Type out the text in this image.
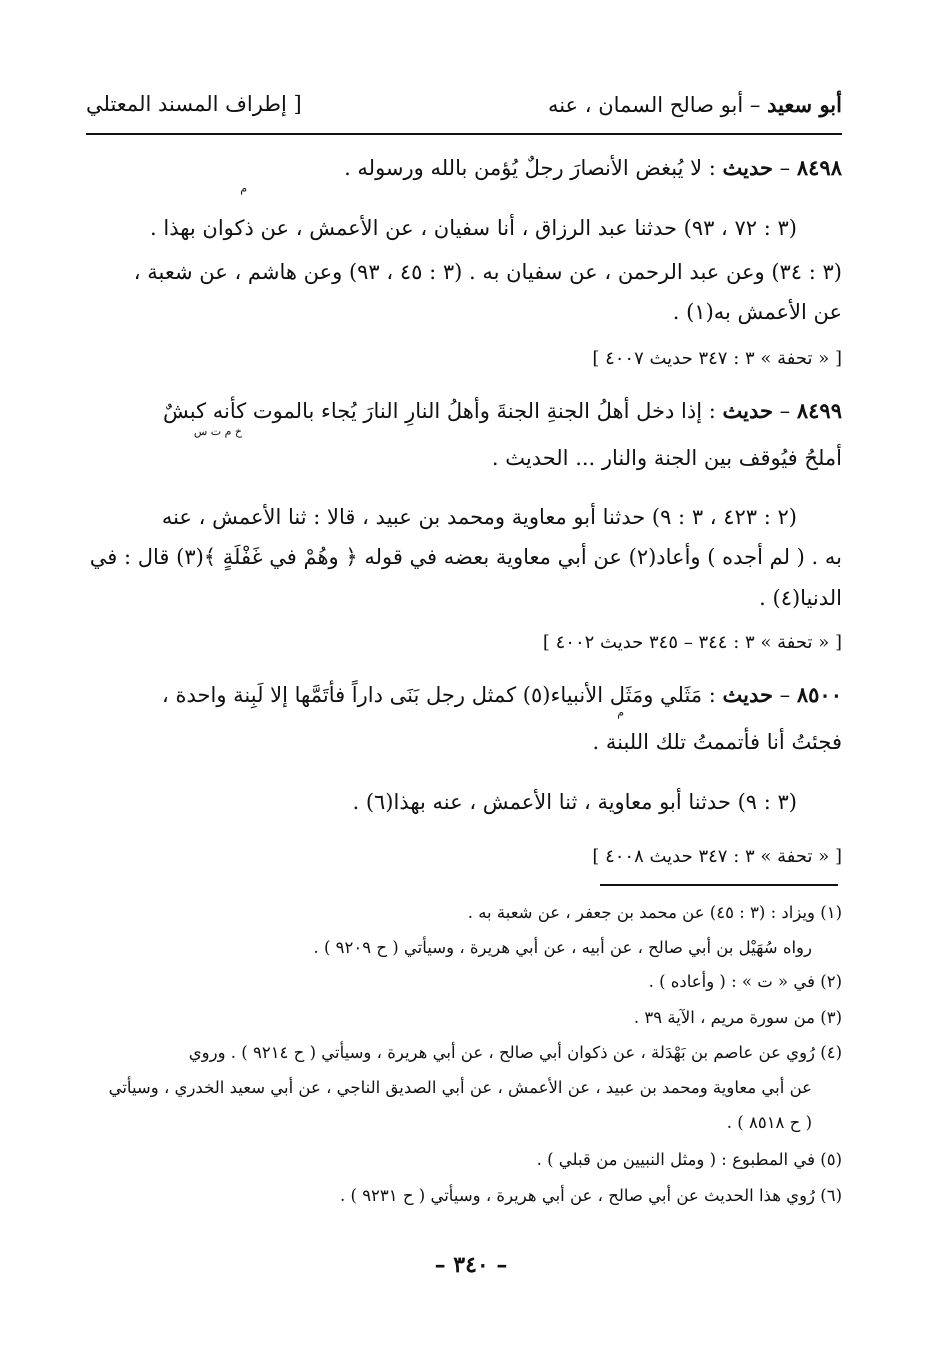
أبو سعيد – أبو صالح السمان ، عنه
[ إطراف المسند المعتلي
٨٤٩٨ – حديث : لا يُبغض الأنصارَ رجلٌ يُؤمن بالله ورسوله .
م
(٣ : ٧٢ ، ٩٣) حدثنا عبد الرزاق ، أنا سفيان ، عن الأعمش ، عن ذكوان بهذا .
(٣ : ٣٤) وعن عبد الرحمن ، عن سفيان به . (٣ : ٤٥ ، ٩٣) وعن هاشم ، عن شعبة ،
عن الأعمش به(١) .
[ « تحفة » ٣ : ٣٤٧ حديث ٤٠٠٧ ]
٨٤٩٩ – حديث : إذا دخل أهلُ الجنةِ الجنةَ وأهلُ النارِ النارَ يُجاء بالموت كأنه كبشٌ
خ م ت س
أملحُ فيُوقف بين الجنة والنار ... الحديث .
(٢ : ٤٢٣ ، ٣ : ٩) حدثنا أبو معاوية ومحمد بن عبيد ، قالا : ثنا الأعمش ، عنه
به . ( لم أجده ) وأعاد(٢) عن أبي معاوية بعضه في قوله ﴿ وهُمْ في غَفْلَةٍ ﴾(٣) قال : في
الدنيا(٤) .
[ « تحفة » ٣ : ٣٤٤ – ٣٤٥ حديث ٤٠٠٢ ]
٨٥٠٠ – حديث : مَثَلي ومَثَل الأنبياء(٥) كمثل رجل بَنَى داراً فأتَمَّها إلا لَبِنة واحدة ،
م
فجئتُ أنا فأتممتُ تلك اللبنة .
(٣ : ٩) حدثنا أبو معاوية ، ثنا الأعمش ، عنه بهذا(٦) .
[ « تحفة » ٣ : ٣٤٧ حديث ٤٠٠٨ ]
(١) ويزاد : (٣ : ٤٥) عن محمد بن جعفر ، عن شعبة به .
رواه سُهَيْل بن أبي صالح ، عن أبيه ، عن أبي هريرة ، وسيأتي ( ح ٩٢٠٩ ) .
(٢) في « ت » : ( وأعاده ) .
(٣) من سورة مريم ، الآية ٣٩ .
(٤) رُوي عن عاصم بن بَهْدَلة ، عن ذكوان أبي صالح ، عن أبي هريرة ، وسيأتي ( ح ٩٢١٤ ) . وروي
عن أبي معاوية ومحمد بن عبيد ، عن الأعمش ، عن أبي الصديق الناجي ، عن أبي سعيد الخدري ، وسيأتي
( ح ٨٥١٨ ) .
(٥) في المطبوع : ( ومثل النبيين من قبلي ) .
(٦) رُوي هذا الحديث عن أبي صالح ، عن أبي هريرة ، وسيأتي ( ح ٩٢٣١ ) .
– ٣٤٠ –
